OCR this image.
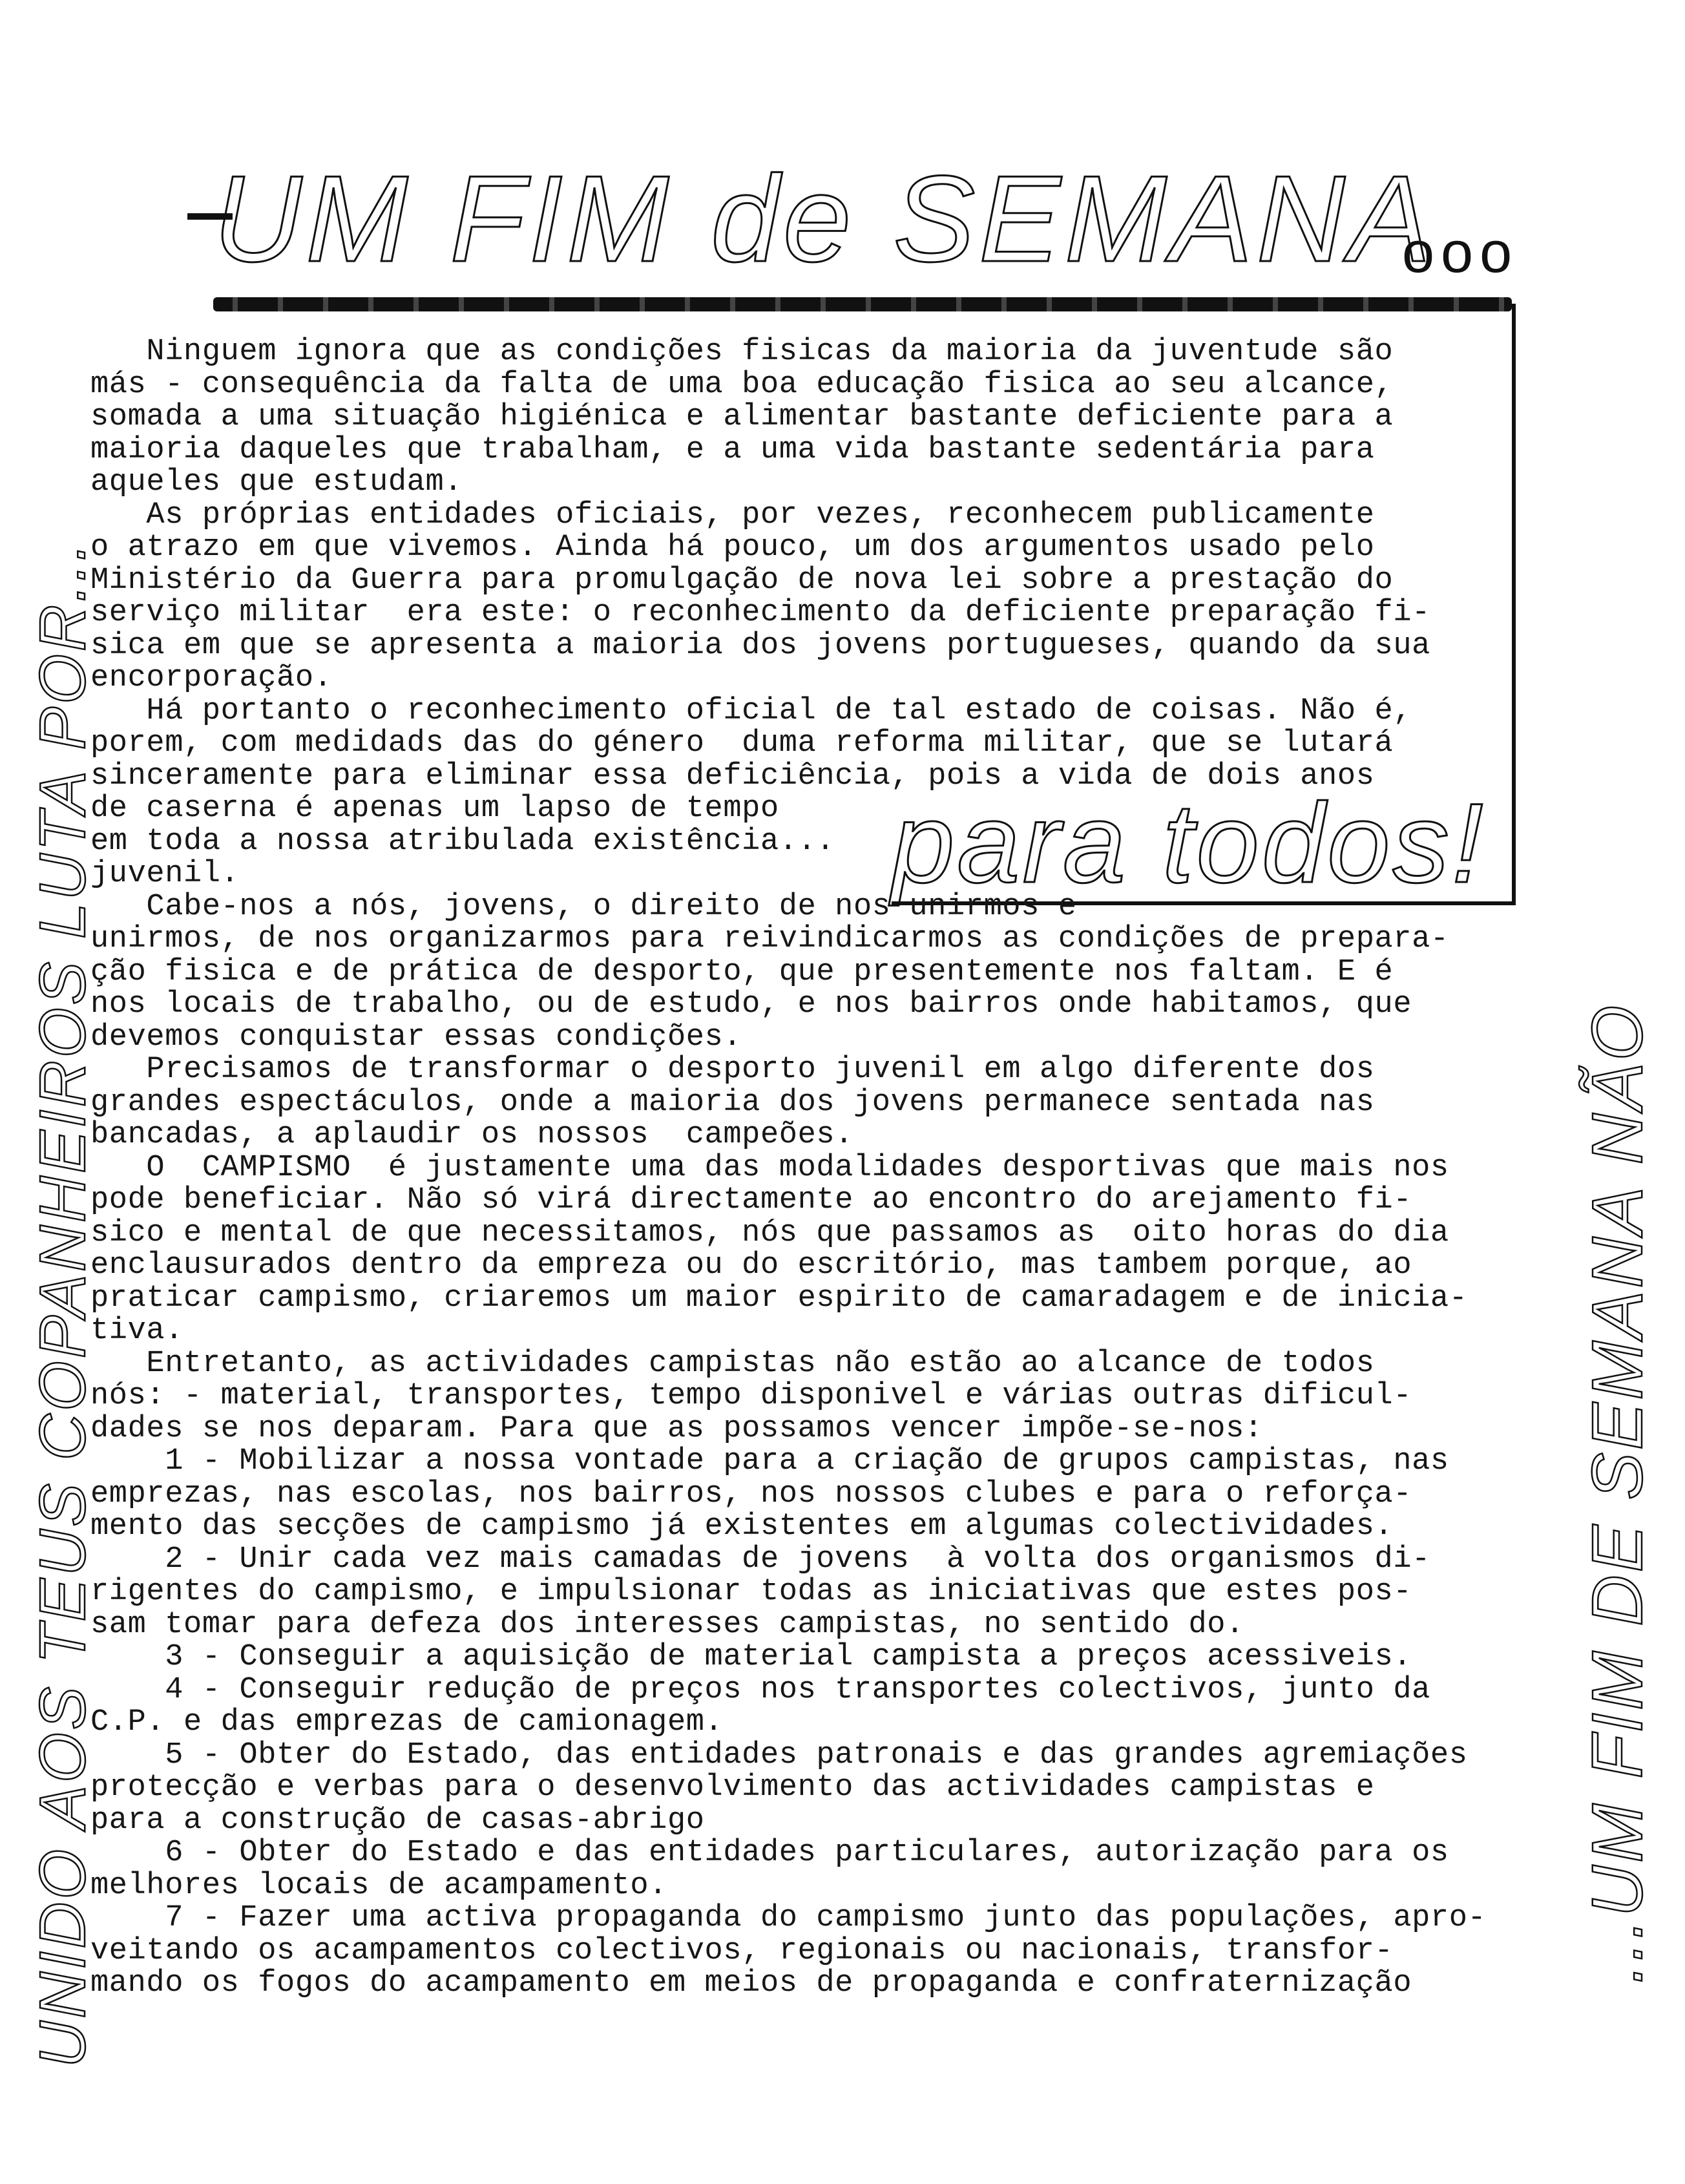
UM FIM de SEMANA
ooo

Ninguem ignora que as condições fisicas da maioria da juventude são

más - consequência da falta de uma boa educação fisica ao seu alcance,

somada a uma situação higiénica e alimentar bastante deficiente para a

maioria daqueles que trabalham, e a uma vida bastante sedentária para

aqueles que estudam.

As próprias entidades oficiais, por vezes, reconhecem publicamente

o atrazo em que vivemos. Ainda há pouco, um dos argumentos usado pelo

Ministério da Guerra para promulgação de nova lei sobre a prestação do

serviço militar  era este: o reconhecimento da deficiente preparação fi-

sica em que se apresenta a maioria dos jovens portugueses, quando da sua

encorporação.

Há portanto o reconhecimento oficial de tal estado de coisas. Não é,

porem, com medidads das do género  duma reforma militar, que se lutará

sinceramente para eliminar essa deficiência, pois a vida de dois anos

de caserna é apenas um lapso de tempo

em toda a nossa atribulada existência...

juvenil.

Cabe-nos a nós, jovens, o direito de nos unirmos e

unirmos, de nos organizarmos para reivindicarmos as condições de prepara-

ção fisica e de prática de desporto, que presentemente nos faltam. E é

nos locais de trabalho, ou de estudo, e nos bairros onde habitamos, que

devemos conquistar essas condições.

Precisamos de transformar o desporto juvenil em algo diferente dos

grandes espectáculos, onde a maioria dos jovens permanece sentada nas

bancadas, a aplaudir os nossos  campeões.

O  CAMPISMO  é justamente uma das modalidades desportivas que mais nos

pode beneficiar. Não só virá directamente ao encontro do arejamento fi-

sico e mental de que necessitamos, nós que passamos as  oito horas do dia

enclausurados dentro da empreza ou do escritório, mas tambem porque, ao

praticar campismo, criaremos um maior espirito de camaradagem e de inicia-

tiva.

Entretanto, as actividades campistas não estão ao alcance de todos

nós: - material, transportes, tempo disponivel e várias outras dificul-

dades se nos deparam. Para que as possamos vencer impõe-se-nos:

1 - Mobilizar a nossa vontade para a criação de grupos campistas, nas

emprezas, nas escolas, nos bairros, nos nossos clubes e para o reforça-

mento das secções de campismo já existentes em algumas colectividades.

2 - Unir cada vez mais camadas de jovens  à volta dos organismos di-

rigentes do campismo, e impulsionar todas as iniciativas que estes pos-

sam tomar para defeza dos interesses campistas, no sentido do.

3 - Conseguir a aquisição de material campista a preços acessiveis.

4 - Conseguir redução de preços nos transportes colectivos, junto da

C.P. e das emprezas de camionagem.

5 - Obter do Estado, das entidades patronais e das grandes agremiações

protecção e verbas para o desenvolvimento das actividades campistas e

para a construção de casas-abrigo

6 - Obter do Estado e das entidades particulares, autorização para os

melhores locais de acampamento.

7 - Fazer uma activa propaganda do campismo junto das populações, apro-

veitando os acampamentos colectivos, regionais ou nacionais, transfor-

mando os fogos do acampamento em meios de propaganda e confraternização

para todos!
UNIDO AOS TEUS COPANHEIROS LUTA POR...	...UM FIM DE SEMANA NÃO
